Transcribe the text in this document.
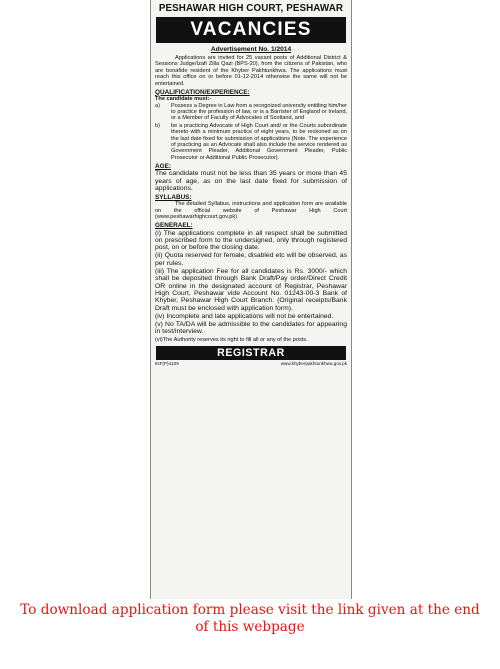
PESHAWAR HIGH COURT, PESHAWAR
VACANCIES
Advertisement No. 1/2014

Applications are invited for 25 vacant posts of Additional District & Sessions Judge/Izafi Zilla Qazi (BPS-20), from the citizens of Pakistan, who are bonafide resident of the Khyber Pakhtunkhwa. The applications must reach this office on or before 01-12-2014 otherwise the same will not be entertained.

QUALIFICATION/EXPERIENCE:

The candidate must:-

a)	Possess a Degree in Law from a recognized university entitling him/her to practice the profession of law, or is a Barrister of England or Ireland, or a Member of Faculty of Advocates of Scotland, and
b)	be a practicing Advocate of High Court and/ or the Courts subordinate thereto with a minimum practice of eight years, to be reckoned as on the last date fixed for submission of applications (Note. The experience of practicing as an Advocate shall also include the service rendered as Government Pleader, Additional Government Pleader, Public Prosecutor or Additional Public Prosecutor).
AGE:

The candidate must not be less than 35 years or more than 45 years of age, as on the last date fixed for submission of applications.

SYLLABUS:

The detailed Syllabus, instructions and application form are available on the official website of Peshawar High Court (www.peshawarhighcourt.gov.pk)

GENERAEL:

(i) The applications complete in all respect shall be submitted on prescribed form to the undersigned, only through registered post, on or before the closing date.

(ii) Quota reserved for female, disabled etc will be observed, as per rules.

(iii) The application Fee for all candidates is Rs. 3000/- which shall be deposited through Bank Draft/Pay order/Direct Credit OR online in the designated account of Registrar, Peshawar High Court, Peshawar vide Account No. 01243-00-3 Bank of Khyber, Peshawar High Court Branch. (Original receipts/Bank Draft must be enclosed with application form).

(iv) Incomplete and late applications will not be entertained.

(v) No TA/DA will be admissible to the candidates for appearing in test/interview.

(vi)The Authority reserves its right to fill all or any of the posts.

REGISTRAR
INF(P)4109	www.khyberpakhtunkhwa.gov.pk
To download application form please visit the link given at the end
of this webpage
